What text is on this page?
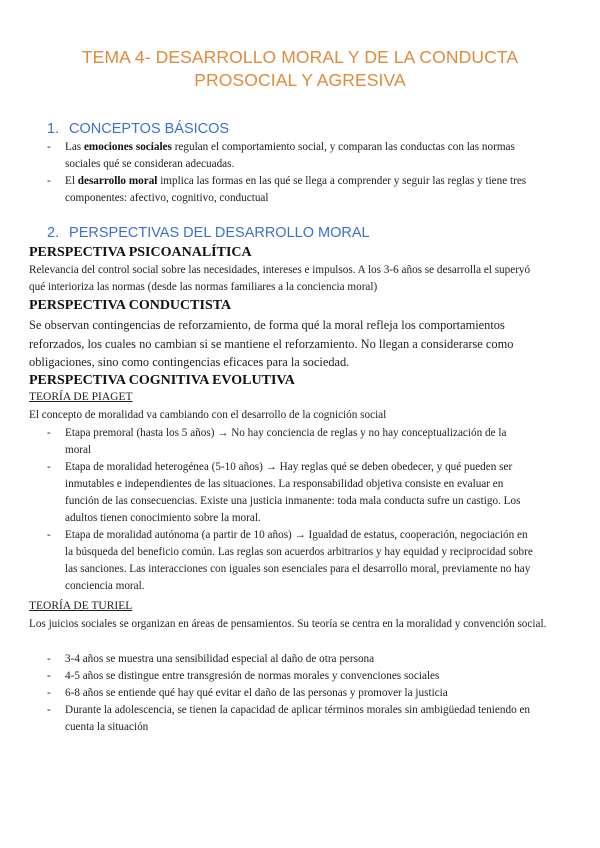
TEMA 4- DESARROLLO MORAL Y DE LA CONDUCTA
PROSOCIAL Y AGRESIVA
1. CONCEPTOS BÁSICOS
- Las emociones sociales regulan el comportamiento social, y comparan las conductas con las normas sociales qué se consideran adecuadas.
- El desarrollo moral implica las formas en las qué se llega a comprender y seguir las reglas y tiene tres componentes: afectivo, cognitivo, conductual
2. PERSPECTIVAS DEL DESARROLLO MORAL
PERSPECTIVA PSICOANALÍTICA
Relevancia del control social sobre las necesidades, intereses e impulsos. A los 3-6 años se desarrolla el superyó qué interioriza las normas (desde las normas familiares a la conciencia moral)
PERSPECTIVA CONDUCTISTA
Se observan contingencias de reforzamiento, de forma qué la moral refleja los comportamientos reforzados, los cuales no cambian si se mantiene el reforzamiento. No llegan a considerarse como obligaciones, sino como contingencias eficaces para la sociedad.
PERSPECTIVA COGNITIVA EVOLUTIVA
TEORÍA DE PIAGET
El concepto de moralidad va cambiando con el desarrollo de la cognición social
- Etapa premoral (hasta los 5 años) → No hay conciencia de reglas y no hay conceptualización de la moral
- Etapa de moralidad heterogénea (5-10 años) → Hay reglas qué se deben obedecer, y qué pueden ser inmutables e independientes de las situaciones. La responsabilidad objetiva consiste en evaluar en función de las consecuencias. Existe una justicia inmanente: toda mala conducta sufre un castigo. Los adultos tienen conocimiento sobre la moral.
- Etapa de moralidad autónoma (a partir de 10 años) → Igualdad de estatus, cooperación, negociación en la búsqueda del beneficio común. Las reglas son acuerdos arbitrarios y hay equidad y reciprocidad sobre las sanciones. Las interacciones con iguales son esenciales para el desarrollo moral, previamente no hay conciencia moral.
TEORÍA DE TURIEL
Los juicios sociales se organizan en áreas de pensamientos. Su teoría se centra en la moralidad y convención social.
- 3-4 años se muestra una sensibilidad especial al daño de otra persona
- 4-5 años se distingue entre transgresión de normas morales y convenciones sociales
- 6-8 años se entiende qué hay qué evitar el daño de las personas y promover la justicia
- Durante la adolescencia, se tienen la capacidad de aplicar términos morales sin ambigüedad teniendo en cuenta la situación
